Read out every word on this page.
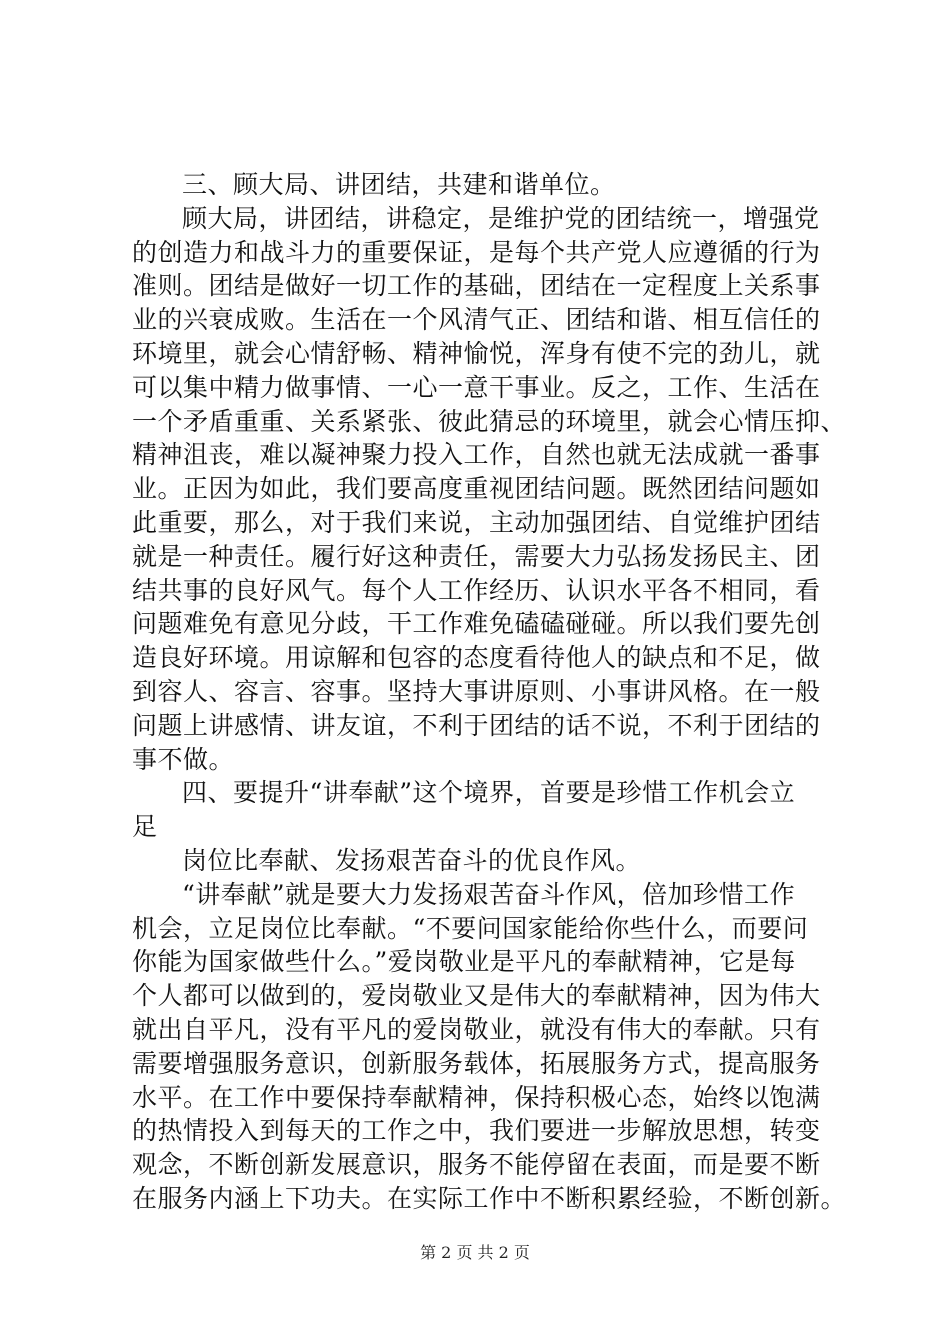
三、顾大局、讲团结，共建和谐单位。
顾大局，讲团结，讲稳定，是维护党的团结统一，增强党
的创造力和战斗力的重要保证，是每个共产党人应遵循的行为
准则。团结是做好一切工作的基础，团结在一定程度上关系事
业的兴衰成败。生活在一个风清气正、团结和谐、相互信任的
环境里，就会心情舒畅、精神愉悦，浑身有使不完的劲儿，就
可以集中精力做事情、一心一意干事业。反之，工作、生活在
一个矛盾重重、关系紧张、彼此猜忌的环境里，就会心情压抑、
精神沮丧，难以凝神聚力投入工作，自然也就无法成就一番事
业。正因为如此，我们要高度重视团结问题。既然团结问题如
此重要，那么，对于我们来说，主动加强团结、自觉维护团结
就是一种责任。履行好这种责任，需要大力弘扬发扬民主、团
结共事的良好风气。每个人工作经历、认识水平各不相同，看
问题难免有意见分歧，干工作难免磕磕碰碰。所以我们要先创
造良好环境。用谅解和包容的态度看待他人的缺点和不足，做
到容人、容言、容事。坚持大事讲原则、小事讲风格。在一般
问题上讲感情、讲友谊，不利于团结的话不说，不利于团结的
事不做。
四、要提升“讲奉献”这个境界，首要是珍惜工作机会立
足
岗位比奉献、发扬艰苦奋斗的优良作风。
“讲奉献”就是要大力发扬艰苦奋斗作风，倍加珍惜工作
机会，立足岗位比奉献。“不要问国家能给你些什么，而要问
你能为国家做些什么。”爱岗敬业是平凡的奉献精神，它是每
个人都可以做到的，爱岗敬业又是伟大的奉献精神，因为伟大
就出自平凡，没有平凡的爱岗敬业，就没有伟大的奉献。只有
需要增强服务意识，创新服务载体，拓展服务方式，提高服务
水平。在工作中要保持奉献精神，保持积极心态，始终以饱满
的热情投入到每天的工作之中，我们要进一步解放思想，转变
观念，不断创新发展意识，服务不能停留在表面，而是要不断
在服务内涵上下功夫。在实际工作中不断积累经验，不断创新。
第 2 页 共 2 页
